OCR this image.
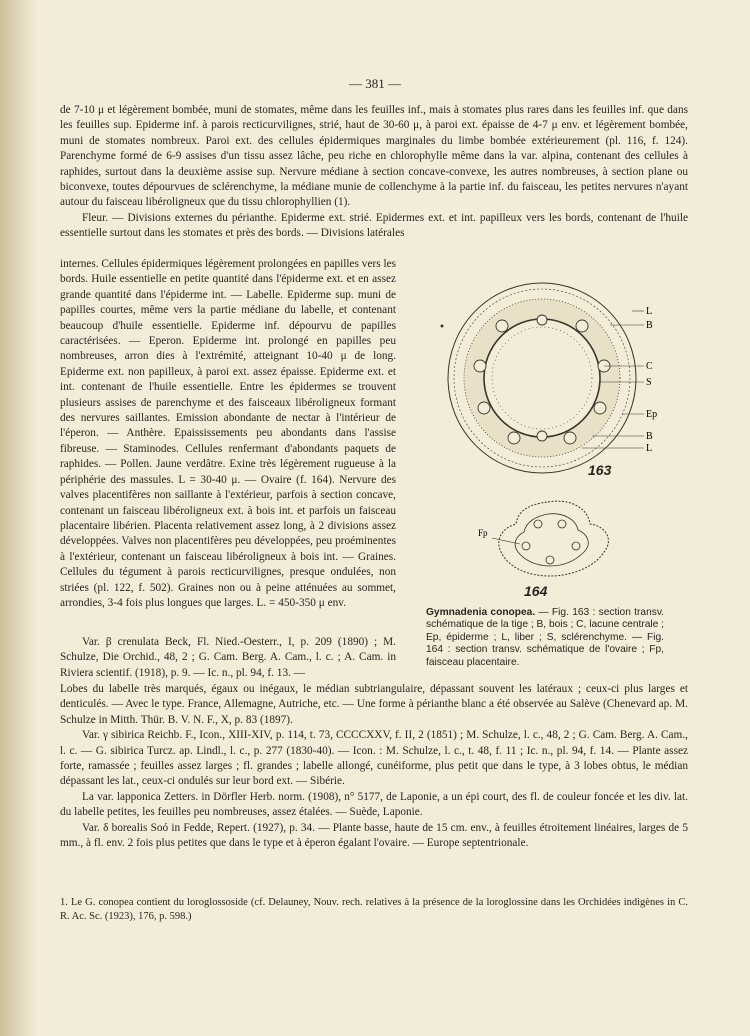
— 381 —

de 7-10 μ et légèrement bombée, muni de stomates, même dans les feuilles inf., mais à stomates plus rares dans les feuilles inf. que dans les feuilles sup. Epiderme inf. à parois recticurvilignes, strié, haut de 30-60 μ, à paroi ext. épaisse de 4-7 μ env. et légèrement bombée, muni de stomates nombreux. Paroi ext. des cellules épidermiques marginales du limbe bombée extérieurement (pl. 116, f. 124). Parenchyme formé de 6-9 assises d'un tissu assez lâche, peu riche en chlorophylle même dans la var. alpina, contenant des cellules à raphides, surtout dans la deuxième assise sup. Nervure médiane à section concave-convexe, les autres nombreuses, à section plane ou biconvexe, toutes dépourvues de sclérenchyme, la médiane munie de collenchyme à la partie inf. du faisceau, les petites nervures n'ayant autour du faisceau libéroligneux que du tissu chlorophyllien (1).

Fleur. — Divisions externes du périanthe. Epiderme ext. strié. Epidermes ext. et int. papilleux vers les bords, contenant de l'huile essentielle surtout dans les stomates et près des bords. — Divisions latérales

internes. Cellules épidermiques légèrement prolongées en papilles vers les bords. Huile essentielle en petite quantité dans l'épiderme ext. et en assez grande quantité dans l'épiderme int. — Labelle. Epiderme sup. muni de papilles courtes, même vers la partie médiane du labelle, et contenant beaucoup d'huile essentielle. Epiderme inf. dépourvu de papilles caractérisées. — Eperon. Epiderme int. prolongé en papilles peu nombreuses, arron dies à l'extrémité, atteignant 10-40 μ de long. Epiderme ext. non papilleux, à paroi ext. assez épaisse. Epiderme ext. et int. contenant de l'huile essentielle. Entre les épidermes se trouvent plusieurs assises de parenchyme et des faisceaux libéroligneux formant des nervures saillantes. Emission abondante de nectar à l'intérieur de l'éperon. — Anthère. Epaississements peu abondants dans l'assise fibreuse. — Staminodes. Cellules renfermant d'abondants paquets de raphides. — Pollen. Jaune verdâtre. Exine très légèrement rugueuse à la périphérie des massules. L = 30-40 μ. — Ovaire (f. 164). Nervure des valves placentifères non saillante à l'extérieur, parfois à section concave, contenant un faisceau libéroligneux ext. à bois int. et parfois un faisceau placentaire libérien. Placenta relativement assez long, à 2 divisions assez développées. Valves non placentifères peu développées, peu proéminentes à l'extérieur, contenant un faisceau libéroligneux à bois int. — Graines. Cellules du tégument à parois recticurvilignes, presque ondulées, non striées (pl. 122, f. 502). Graines non ou à peine atténuées au sommet, arrondies, 3-4 fois plus longues que larges. L. = 450-350 μ env.

L
B
C
S
Ep
B
L
163
Fp
164
Gymnadenia conopea. — Fig. 163 : section transv. schématique de la tige ; B, bois ; C, lacune centrale ; Ep, épiderme ; L, liber ; S, sclérenchyme. — Fig. 164 : section transv. schématique de l'ovaire ; Fp, faisceau placentaire.

Var. β crenulata Beck, Fl. Nied.-Oesterr., I, p. 209 (1890) ; M. Schulze, Die Orchid., 48, 2 ; G. Cam. Berg. A. Cam., l. c. ; A. Cam. in Riviera scientif. (1918), p. 9. — Ic. n., pl. 94, f. 13. —

Lobes du labelle très marqués, égaux ou inégaux, le médian subtriangulaire, dépassant souvent les latéraux ; ceux-ci plus larges et denticulés. — Avec le type. France, Allemagne, Autriche, etc. — Une forme à périanthe blanc a été observée au Salève (Chenevard ap. M. Schulze in Mitth. Thür. B. V. N. F., X, p. 83 (1897).

Var. γ sibirica Reichb. F., Icon., XIII-XIV, p. 114, t. 73, CCCCXXV, f. II, 2 (1851) ; M. Schulze, l. c., 48, 2 ; G. Cam. Berg. A. Cam., l. c. — G. sibirica Turcz. ap. Lindl., l. c., p. 277 (1830-40). — Icon. : M. Schulze, l. c., t. 48, f. 11 ; Ic. n., pl. 94, f. 14. — Plante assez forte, ramassée ; feuilles assez larges ; fl. grandes ; labelle allongé, cunéiforme, plus petit que dans le type, à 3 lobes obtus, le médian dépassant les lat., ceux-ci ondulés sur leur bord ext. — Sibérie.

La var. lapponica Zetters. in Dörfler Herb. norm. (1908), n° 5177, de Laponie, a un épi court, des fl. de couleur foncée et les div. lat. du labelle petites, les feuilles peu nombreuses, assez étalées. — Suède, Laponie.

Var. δ borealis Soó in Fedde, Repert. (1927), p. 34. — Plante basse, haute de 15 cm. env., à feuilles étroitement linéaires, larges de 5 mm., à fl. env. 2 fois plus petites que dans le type et à éperon égalant l'ovaire. — Europe septentrionale.

1. Le G. conopea contient du loroglossoside (cf. Delauney, Nouv. rech. relatives à la présence de la loroglossine dans les Orchidées indigènes in C. R. Ac. Sc. (1923), 176, p. 598.)
